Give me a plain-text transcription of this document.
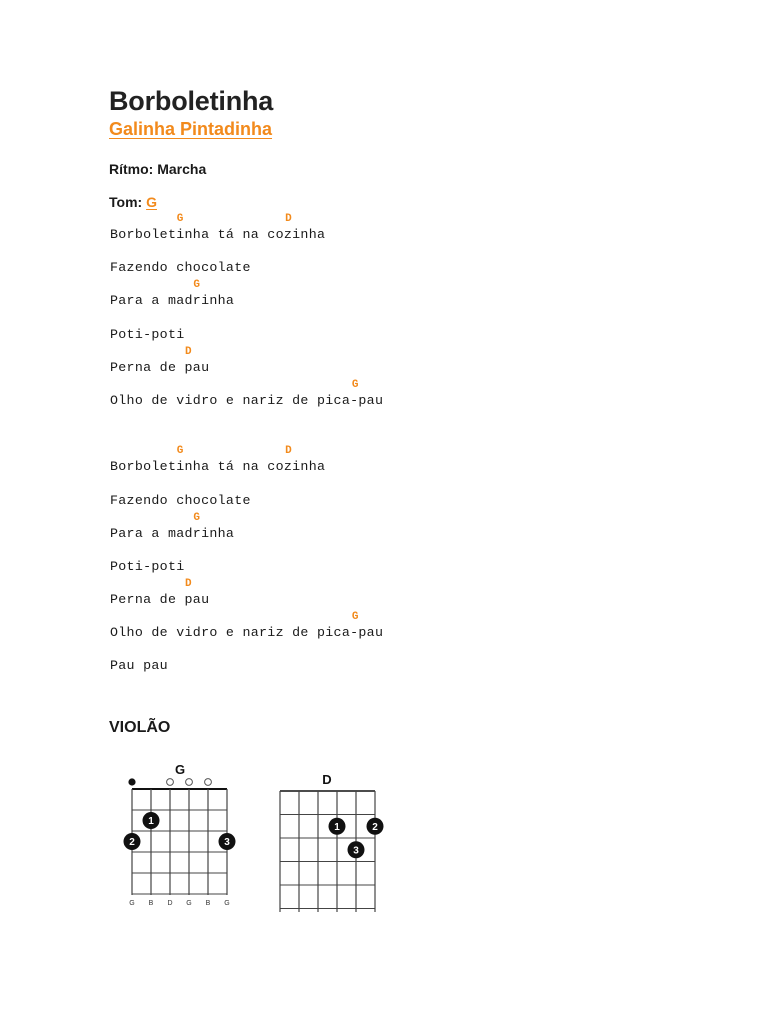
Borboletinha
Galinha Pintadinha
Rítmo: Marcha
Tom: G
Borboletinha tá na cozinha
G	D
Fazendo chocolate
Para a madrinha
G
Poti-poti
Perna de pau
D
Olho de vidro e nariz de pica-pau
G
Borboletinha tá na cozinha
G	D
Fazendo chocolate
Para a madrinha
G
Poti-poti
Perna de pau
D
Olho de vidro e nariz de pica-pau
G
Pau pau
VIOLÃO
G
1
2	3
G B D G B G
D
1	2
3
